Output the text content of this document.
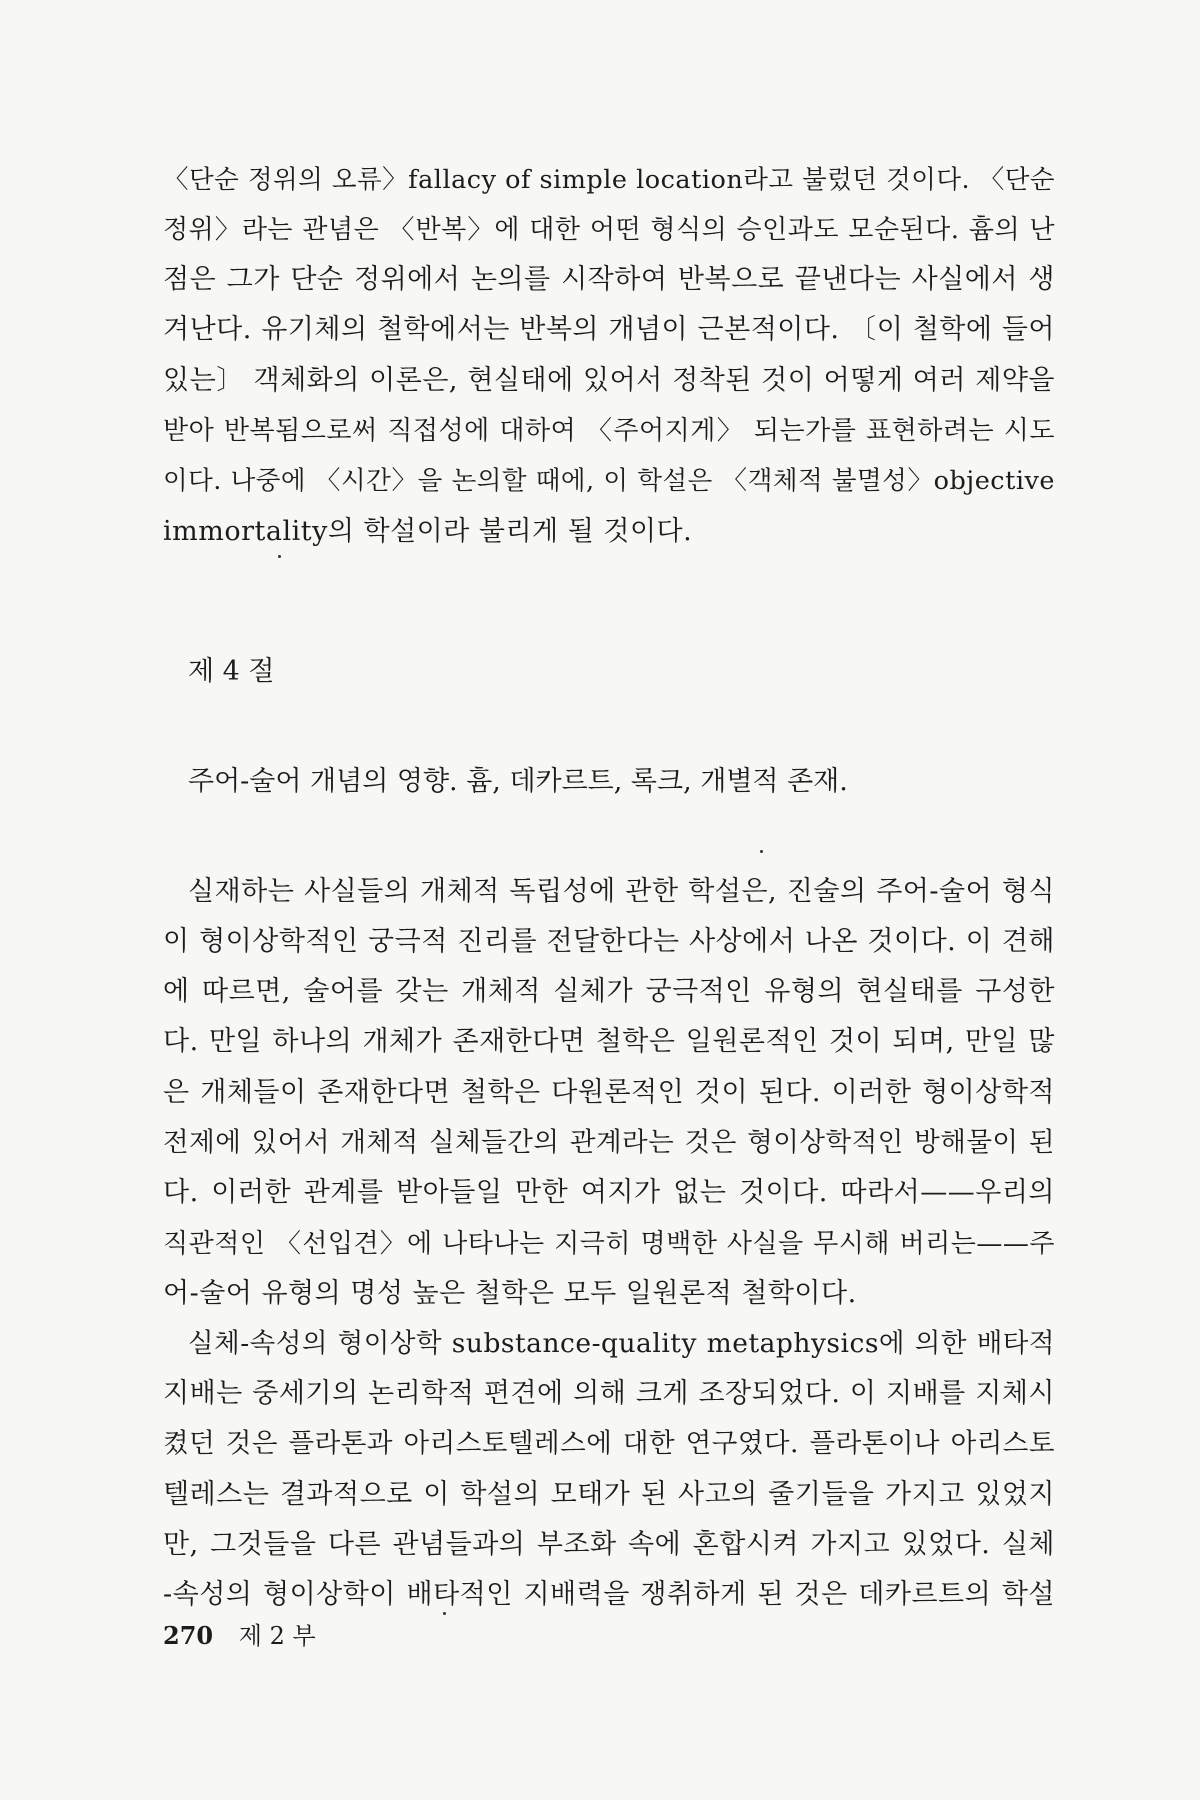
〈단순 정위의 오류〉fallacy of simple location라고 불렀던 것이다. 〈단순
정위〉라는 관념은 〈반복〉에 대한 어떤 형식의 승인과도 모순된다. 흄의 난
점은 그가 단순 정위에서 논의를 시작하여 반복으로 끝낸다는 사실에서 생
겨난다. 유기체의 철학에서는 반복의 개념이 근본적이다. 〔이 철학에 들어
있는〕 객체화의 이론은, 현실태에 있어서 정착된 것이 어떻게 여러 제약을
받아 반복됨으로써 직접성에 대하여 〈주어지게〉 되는가를 표현하려는 시도
이다. 나중에 〈시간〉을 논의할 때에, 이 학설은 〈객체적 불멸성〉objective
immortality의 학설이라 불리게 될 것이다.
제 4 절
주어-술어 개념의 영향. 흄, 데카르트, 록크, 개별적 존재.
실재하는 사실들의 개체적 독립성에 관한 학설은, 진술의 주어-술어 형식
이 형이상학적인 궁극적 진리를 전달한다는 사상에서 나온 것이다. 이 견해
에 따르면, 술어를 갖는 개체적 실체가 궁극적인 유형의 현실태를 구성한
다. 만일 하나의 개체가 존재한다면 철학은 일원론적인 것이 되며, 만일 많
은 개체들이 존재한다면 철학은 다원론적인 것이 된다. 이러한 형이상학적
전제에 있어서 개체적 실체들간의 관계라는 것은 형이상학적인 방해물이 된
다. 이러한 관계를 받아들일 만한 여지가 없는 것이다. 따라서——우리의
직관적인 〈선입견〉에 나타나는 지극히 명백한 사실을 무시해 버리는——주
어-술어 유형의 명성 높은 철학은 모두 일원론적 철학이다.
실체-속성의 형이상학 substance-quality metaphysics에 의한 배타적
지배는 중세기의 논리학적 편견에 의해 크게 조장되었다. 이 지배를 지체시
켰던 것은 플라톤과 아리스토텔레스에 대한 연구였다. 플라톤이나 아리스토
텔레스는 결과적으로 이 학설의 모태가 된 사고의 줄기들을 가지고 있었지
만, 그것들을 다른 관념들과의 부조화 속에 혼합시켜 가지고 있었다. 실체
-속성의 형이상학이 배타적인 지배력을 쟁취하게 된 것은 데카르트의 학설
270 제 2 부
